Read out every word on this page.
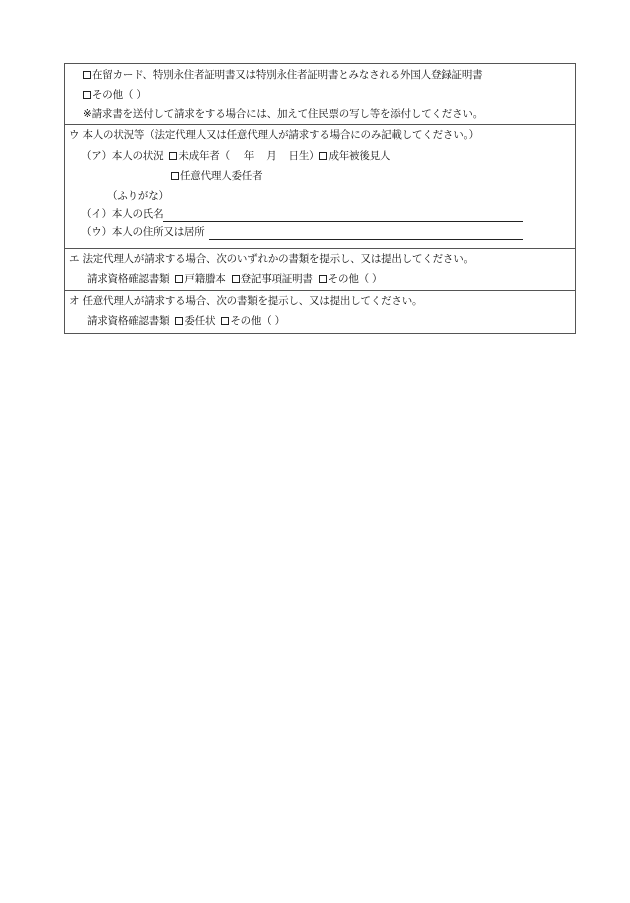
在留カード、特別永住者証明書又は特別永住者証明書とみなされる外国人登録証明書
その他（ ）
※請求書を送付して請求をする場合には、加えて住民票の写し等を添付してください。
ウ 本人の状況等（法定代理人又は任意代理人が請求する場合にのみ記載してください。）
（ア）本人の状況 未成年者（ 年 月 日生） 成年被後見人
任意代理人委任者
（ふりがな）
（イ）本人の氏名
（ウ）本人の住所又は居所
エ 法定代理人が請求する場合、次のいずれかの書類を提示し、又は提出してください。
請求資格確認書類 戸籍謄本 登記事項証明書 その他（ ）
オ 任意代理人が請求する場合、次の書類を提示し、又は提出してください。
請求資格確認書類 委任状 その他（ ）
